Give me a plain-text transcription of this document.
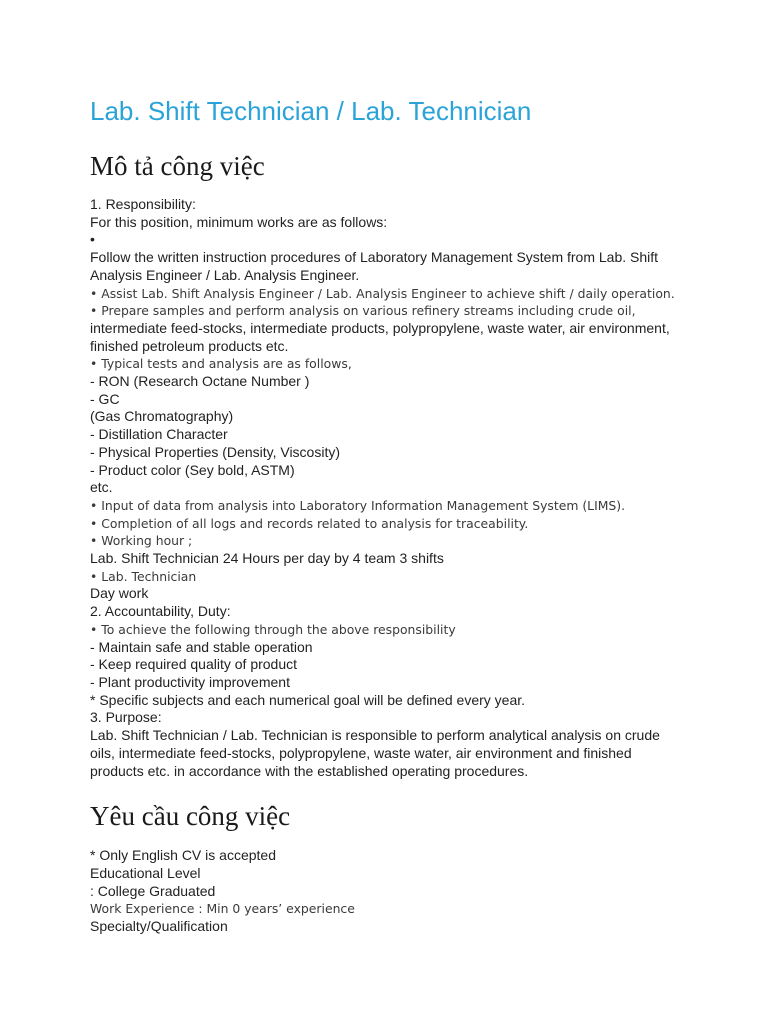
Lab. Shift Technician / Lab. Technician
Mô tả công việc
1. Responsibility:
For this position, minimum works are as follows:
•
Follow the written instruction procedures of Laboratory Management System from Lab. Shift
Analysis Engineer / Lab. Analysis Engineer.
• Assist Lab. Shift Analysis Engineer / Lab. Analysis Engineer to achieve shift / daily operation.
• Prepare samples and perform analysis on various refinery streams including crude oil,
intermediate feed-stocks, intermediate products, polypropylene, waste water, air environment,
finished petroleum products etc.
• Typical tests and analysis are as follows,
- RON (Research Octane Number )
- GC
(Gas Chromatography)
- Distillation Character
- Physical Properties (Density, Viscosity)
- Product color (Sey bold, ASTM)
etc.
• Input of data from analysis into Laboratory Information Management System (LIMS).
• Completion of all logs and records related to analysis for traceability.
• Working hour ;
Lab. Shift Technician 24 Hours per day by 4 team 3 shifts
• Lab. Technician
Day work
2. Accountability, Duty:
• To achieve the following through the above responsibility
- Maintain safe and stable operation
- Keep required quality of product
- Plant productivity improvement
* Specific subjects and each numerical goal will be defined every year.
3. Purpose:
Lab. Shift Technician / Lab. Technician is responsible to perform analytical analysis on crude
oils, intermediate feed-stocks, polypropylene, waste water, air environment and finished
products etc. in accordance with the established operating procedures.
Yêu cầu công việc
* Only English CV is accepted
Educational Level
: College Graduated
Work Experience : Min 0 years’ experience
Specialty/Qualification
